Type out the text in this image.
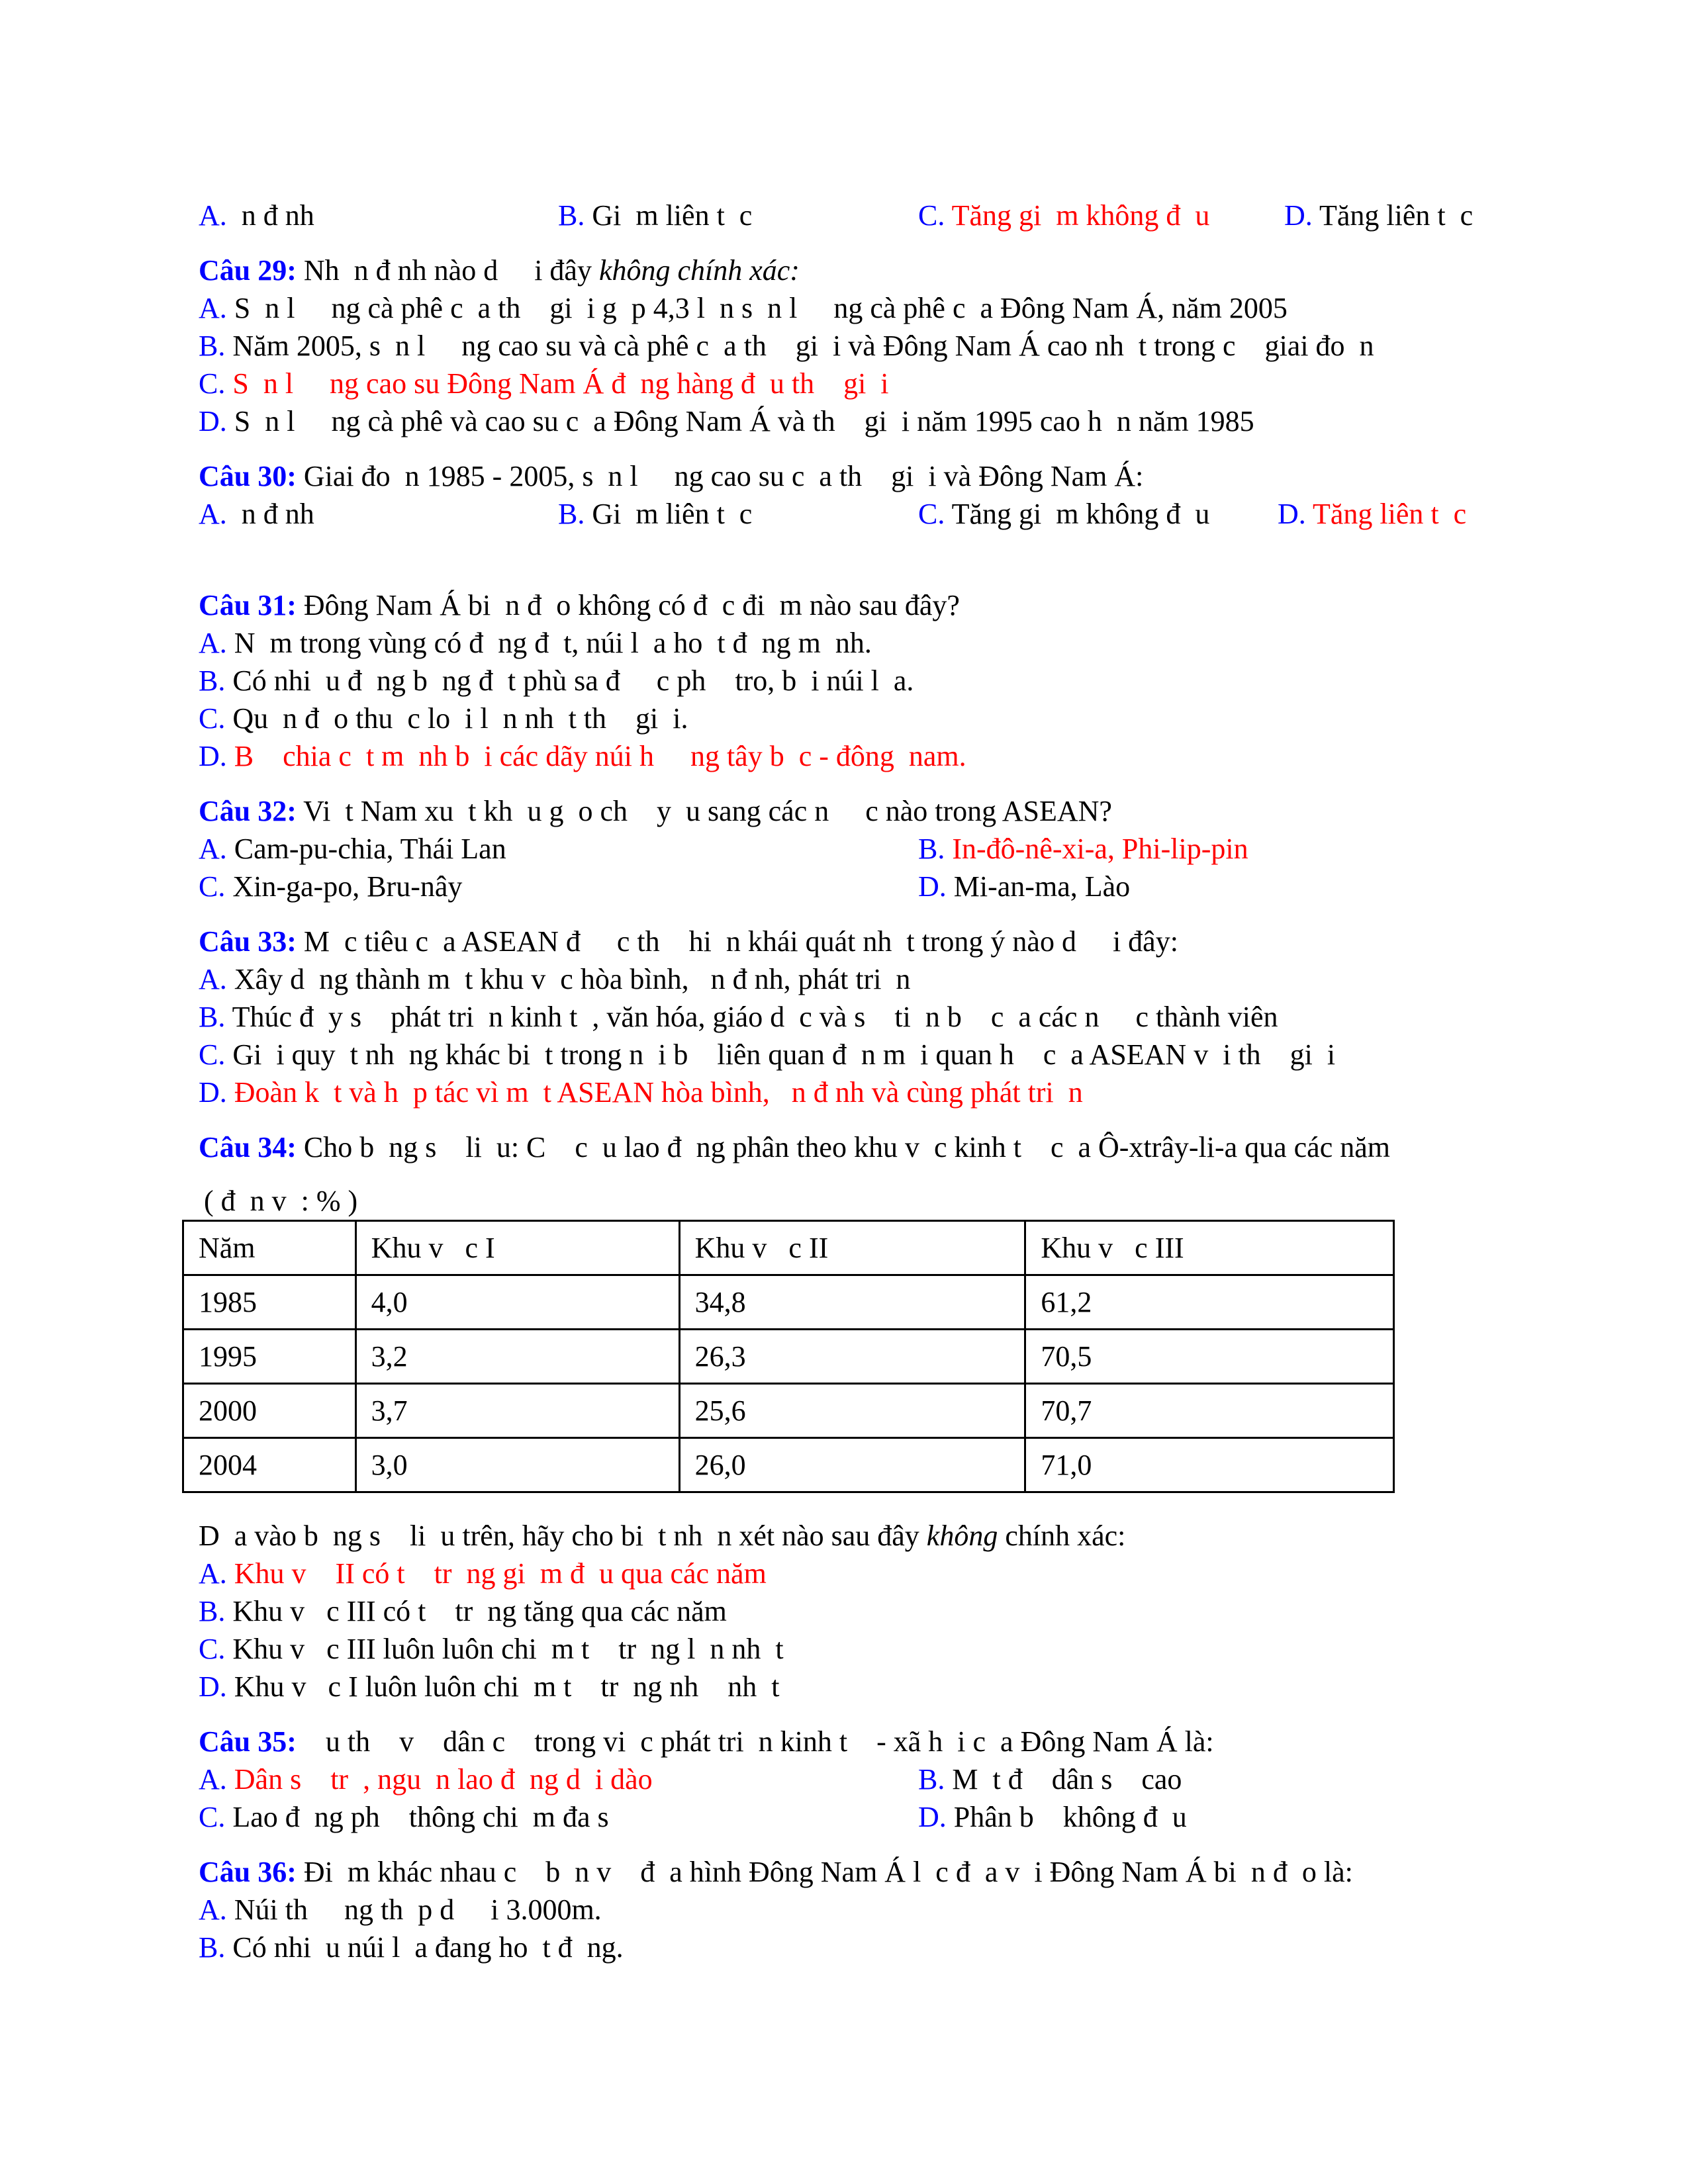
A.  n đ nh	B. Gi  m liên t  c	C. Tăng gi  m không đ  u	D. Tăng liên t  c
Câu 29: Nh  n đ nh nào d     i đây không chính xác:
A. S  n l     ng cà phê c  a th    gi  i g  p 4,3 l  n s  n l     ng cà phê c  a Đông Nam Á, năm 2005
B. Năm 2005, s  n l     ng cao su và cà phê c  a th    gi  i và Đông Nam Á cao nh  t trong c    giai đo  n
C. S  n l     ng cao su Đông Nam Á đ  ng hàng đ  u th    gi  i
D. S  n l     ng cà phê và cao su c  a Đông Nam Á và th    gi  i năm 1995 cao h  n năm 1985
Câu 30: Giai đo  n 1985 - 2005, s  n l     ng cao su c  a th    gi  i và Đông Nam Á:
A.  n đ nh	B. Gi  m liên t  c	C. Tăng gi  m không đ  u D. Tăng liên t  c
Câu 31: Đông Nam Á bi  n đ  o không có đ  c đi  m nào sau đây?
A. N  m trong vùng có đ  ng đ  t, núi l  a ho  t đ  ng m  nh.
B. Có nhi  u đ  ng b  ng đ  t phù sa đ     c ph    tro, b  i núi l  a.
C. Qu  n đ  o thu  c lo  i l  n nh  t th    gi  i.
D. B    chia c  t m  nh b  i các dãy núi h     ng tây b  c - đông  nam.
Câu 32: Vi  t Nam xu  t kh  u g  o ch    y  u sang các n     c nào trong ASEAN?
A. Cam-pu-chia, Thái Lan	B. In-đô-nê-xi-a, Phi-lip-pin
C. Xin-ga-po, Bru-nây	D. Mi-an-ma, Lào
Câu 33: M  c tiêu c  a ASEAN đ     c th    hi  n khái quát nh  t trong ý nào d     i đây:
A. Xây d  ng thành m  t khu v  c hòa bình,   n đ nh, phát tri  n
B. Thúc đ  y s    phát tri  n kinh t  , văn hóa, giáo d  c và s    ti  n b    c  a các n     c thành viên
C. Gi  i quy  t nh  ng khác bi  t trong n  i b    liên quan đ  n m  i quan h    c  a ASEAN v  i th    gi  i
D. Đoàn k  t và h  p tác vì m  t ASEAN hòa bình,   n đ nh và cùng phát tri  n
Câu 34: Cho b  ng s    li  u: C    c  u lao đ  ng phân theo khu v  c kinh t    c  a Ô-xtrây-li-a qua các năm
( đ  n v  : % )
Năm	Khu v   c I	Khu v   c II	Khu v   c III
1985	4,0	34,8	61,2
1995	3,2	26,3	70,5
2000	3,7	25,6	70,7
2004	3,0	26,0	71,0
D  a vào b  ng s    li  u trên, hãy cho bi  t nh  n xét nào sau đây không chính xác:
A. Khu v    II có t    tr  ng gi  m đ  u qua các năm
B. Khu v   c III có t    tr  ng tăng qua các năm
C. Khu v   c III luôn luôn chi  m t    tr  ng l  n nh  t
D. Khu v   c I luôn luôn chi  m t    tr  ng nh    nh  t
Câu 35:    u th    v    dân c    trong vi  c phát tri  n kinh t    - xã h  i c  a Đông Nam Á là:
A. Dân s    tr  , ngu  n lao đ  ng d  i dào	B. M  t đ    dân s    cao
C. Lao đ  ng ph    thông chi  m đa s	D. Phân b    không đ  u
Câu 36: Đi  m khác nhau c    b  n v    đ  a hình Đông Nam Á l  c đ  a v  i Đông Nam Á bi  n đ  o là:
A. Núi th     ng th  p d     i 3.000m.
B. Có nhi  u núi l  a đang ho  t đ  ng.
